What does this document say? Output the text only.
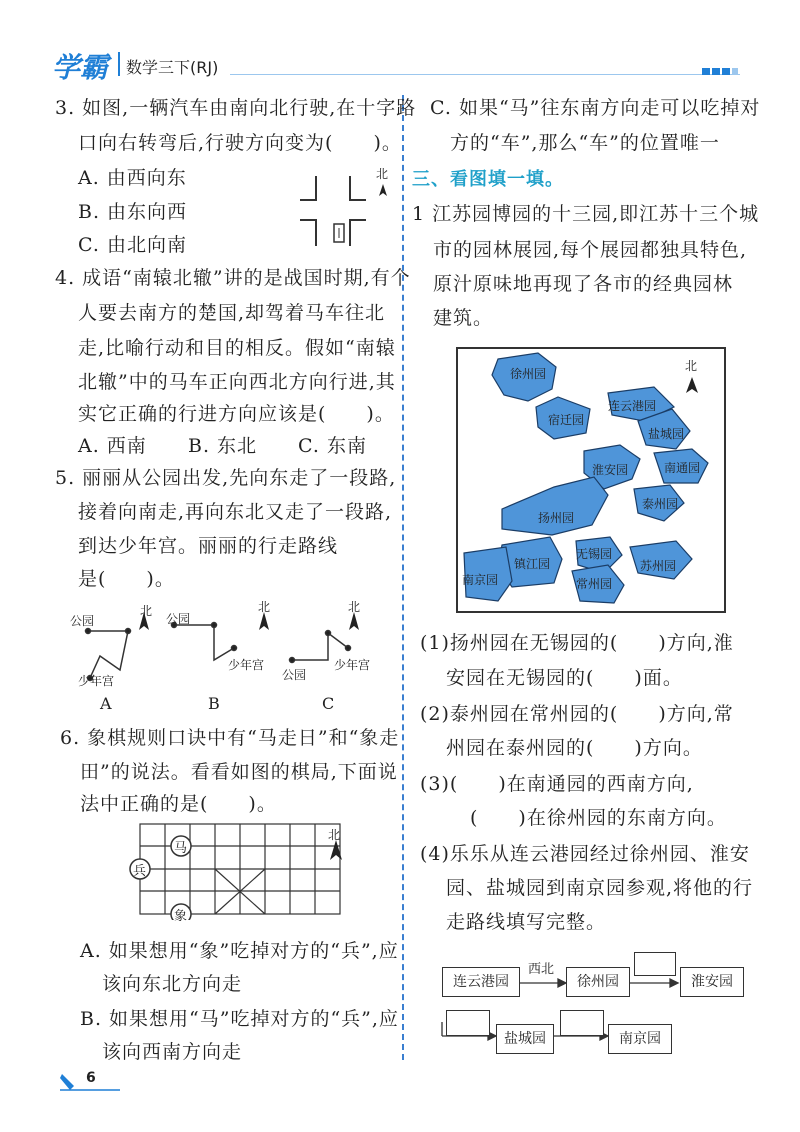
学霸 数学三下(RJ)
3. 如图,一辆汽车由南向北行驶,在十字路
口向右转弯后,行驶方向变为(　　)。
A. 由西向东
B. 由东向西
C. 由北向南
北
4. 成语“南辕北辙”讲的是战国时期,有个
人要去南方的楚国,却驾着马车往北
走,比喻行动和目的相反。假如“南辕
北辙”中的马车正向西北方向行进,其
实它正确的行进方向应该是(　　)。
A. 西南 B. 东北 C. 东南
5. 丽丽从公园出发,先向东走了一段路,
接着向南走,再向东北又走了一段路,
到达少年宫。丽丽的行走路线
是(　　)。
公园
少年宫
北
公园
少年宫
北
公园
少年宫
北
A	B	C
6. 象棋规则口诀中有“马走日”和“象走
田”的说法。看看如图的棋局,下面说
法中正确的是(　　)。
马
兵
象
北
A. 如果想用“象”吃掉对方的“兵”,应
该向东北方向走
B. 如果想用“马”吃掉对方的“兵”,应
该向西南方向走
C. 如果“马”往东南方向走可以吃掉对
方的“车”,那么“车”的位置唯一
三、看图填一填。
1 江苏园博园的十三园,即江苏十三个城
市的园林展园,每个展园都独具特色,
原汁原味地再现了各市的经典园林
建筑。
北
徐州园
宿迁园
连云港园
盐城园
淮安园	南通园
泰州园
扬州园
镇江园
无锡园
南京园	常州园
苏州园
(1)扬州园在无锡园的(　　)方向,淮
安园在无锡园的(　　)面。
(2)泰州园在常州园的(　　)方向,常
州园在泰州园的(　　)方向。
(3)(　　)在南通园的西南方向,
(　　)在徐州园的东南方向。
(4)乐乐从连云港园经过徐州园、淮安
园、盐城园到南京园参观,将他的行
走路线填写完整。
连云港园
西北
徐州园	淮安园
盐城园	南京园
6
